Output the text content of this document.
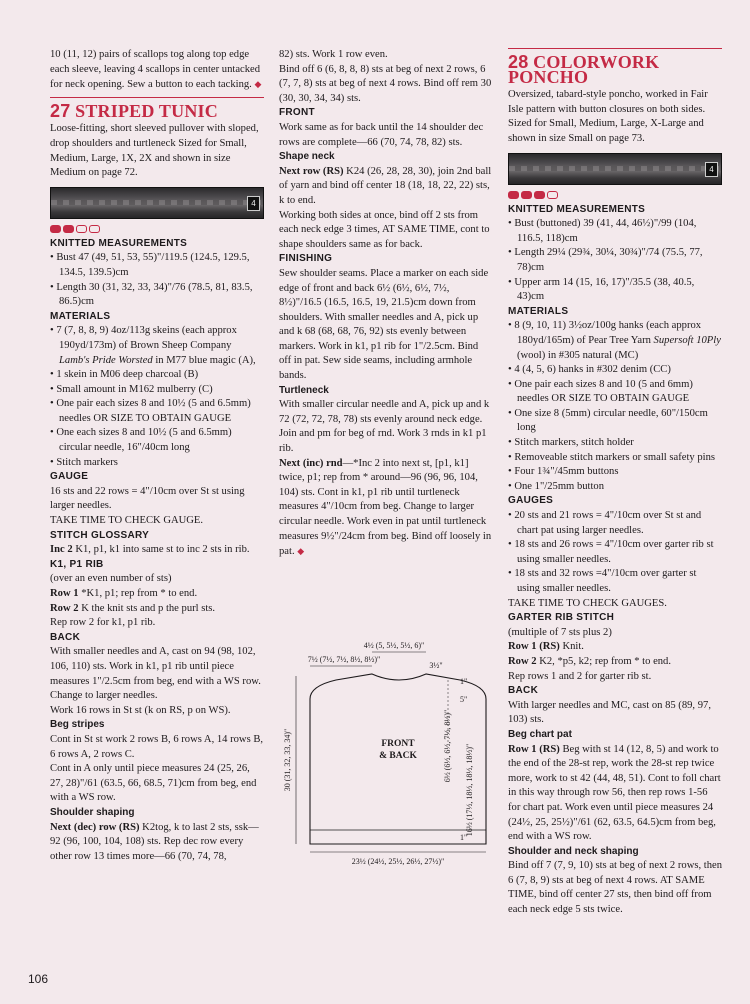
10 (11, 12) pairs of scallops tog along top edge each sleeve, leaving 4 scallops in center untacked for neck opening. Sew a button to each tacking. ◆

27 STRIPED TUNIC

Loose-fitting, short sleeved pullover with sloped, drop shoulders and turtleneck Sized for Small, Medium, Large, 1X, 2X and shown in size Medium on page 72.

4

KNITTED MEASUREMENTS

• Bust 47 (49, 51, 53, 55)"/119.5 (124.5, 129.5, 134.5, 139.5)cm

• Length 30 (31, 32, 33, 34)"/76 (78.5, 81, 83.5, 86.5)cm

MATERIALS

• 7 (7, 8, 8, 9) 4oz/113g skeins (each approx 190yd/173m) of Brown Sheep Company Lamb's Pride Worsted in M77 blue magic (A),

• 1 skein in M06 deep charcoal (B)

• Small amount in M162 mulberry (C)

• One pair each sizes 8 and 10½ (5 and 6.5mm) needles OR SIZE TO OBTAIN GAUGE

• One each sizes 8 and 10½ (5 and 6.5mm) circular needle, 16"/40cm long

• Stitch markers

GAUGE

16 sts and 22 rows = 4"/10cm over St st using larger needles.

TAKE TIME TO CHECK GAUGE.

STITCH GLOSSARY

Inc 2 K1, p1, k1 into same st to inc 2 sts in rib.

K1, P1 RIB

(over an even number of sts)

Row 1 *K1, p1; rep from * to end.

Row 2 K the knit sts and p the purl sts.

Rep row 2 for k1, p1 rib.

BACK

With smaller needles and A, cast on 94 (98, 102, 106, 110) sts. Work in k1, p1 rib until piece measures 1"/2.5cm from beg, end with a WS row. Change to larger needles.

Work 16 rows in St st (k on RS, p on WS).

Beg stripes

Cont in St st work 2 rows B, 6 rows A, 14 rows B, 6 rows A, 2 rows C.

Cont in A only until piece measures 24 (25, 26, 27, 28)"/61 (63.5, 66, 68.5, 71)cm from beg, end with a WS row.

Shoulder shaping

Next (dec) row (RS) K2tog, k to last 2 sts, ssk—92 (96, 100, 104, 108) sts. Rep dec row every other row 13 times more—66 (70, 74, 78,

82) sts. Work 1 row even.

Bind off 6 (6, 8, 8, 8) sts at beg of next 2 rows, 6 (7, 7, 8) sts at beg of next 4 rows. Bind off rem 30 (30, 30, 34, 34) sts.

FRONT

Work same as for back until the 14 shoulder dec rows are complete—66 (70, 74, 78, 82) sts.

Shape neck

Next row (RS) K24 (26, 28, 28, 30), join 2nd ball of yarn and bind off center 18 (18, 18, 22, 22) sts, k to end.

Working both sides at once, bind off 2 sts from each neck edge 3 times, AT SAME TIME, cont to shape shoulders same as for back.

FINISHING

Sew shoulder seams. Place a marker on each side edge of front and back 6½ (6½, 6½, 7½, 8½)"/16.5 (16.5, 16.5, 19, 21.5)cm down from shoulders. With smaller needles and A, pick up and k 68 (68, 68, 76, 92) sts evenly between markers. Work in k1, p1 rib for 1"/2.5cm. Bind off in pat. Sew side seams, including armhole bands.

Turtleneck

With smaller circular needle and A, pick up and k 72 (72, 72, 78, 78) sts evenly around neck edge. Join and pm for beg of rnd. Work 3 rnds in k1 p1 rib.

Next (inc) rnd—*Inc 2 into next st, [p1, k1] twice, p1; rep from * around—96 (96, 96, 104, 104) sts. Cont in k1, p1 rib until turtleneck measures 4"/10cm from beg. Change to larger circular needle. Work even in pat until turtleneck measures 9½"/24cm from beg. Bind off loosely in pat. ◆

4½ (5, 5½, 5½, 6)"
7½ (7½, 7½, 8½, 8½)"
3½"
FRONT
& BACK
30 (31, 32, 33, 34)"
1"
5"
6½ (6½, 6½, 7½, 8½)" 16½ (17½, 18½, 18½, 18½)"
1"
23½ (24½, 25½, 26½, 27½)"
28 COLORWORK PONCHO

Oversized, tabard-style poncho, worked in Fair Isle pattern with button closures on both sides. Sized for Small, Medium, Large, X-Large and shown in size Small on page 73.

4

KNITTED MEASUREMENTS

• Bust (buttoned) 39 (41, 44, 46½)"/99 (104, 116.5, 118)cm

• Length 29¼ (29¾, 30¼, 30¾)"/74 (75.5, 77, 78)cm

• Upper arm 14 (15, 16, 17)"/35.5 (38, 40.5, 43)cm

MATERIALS

• 8 (9, 10, 11) 3½oz/100g hanks (each approx 180yd/165m) of Pear Tree Yarn Supersoft 10Ply (wool) in #305 natural (MC)

• 4 (4, 5, 6) hanks in #302 denim (CC)

• One pair each sizes 8 and 10 (5 and 6mm) needles OR SIZE TO OBTAIN GAUGE

• One size 8 (5mm) circular needle, 60"/150cm long

• Stitch markers, stitch holder

• Removeable stitch markers or small safety pins

• Four 1¾"/45mm buttons

• One 1"/25mm button

GAUGES

• 20 sts and 21 rows = 4"/10cm over St st and chart pat using larger needles.

• 18 sts and 26 rows = 4"/10cm over garter rib st using smaller needles.

• 18 sts and 32 rows =4"/10cm over garter st using smaller needles.

TAKE TIME TO CHECK GAUGES.

GARTER RIB STITCH

(multiple of 7 sts plus 2)

Row 1 (RS) Knit.

Row 2 K2, *p5, k2; rep from * to end.

Rep rows 1 and 2 for garter rib st.

BACK

With larger needles and MC, cast on 85 (89, 97, 103) sts.

Beg chart pat

Row 1 (RS) Beg with st 14 (12, 8, 5) and work to the end of the 28-st rep, work the 28-st rep twice more, work to st 42 (44, 48, 51). Cont to foll chart in this way through row 56, then rep rows 1-56 for chart pat. Work even until piece measures 24 (24½, 25, 25½)"/61 (62, 63.5, 64.5)cm from beg, end with a WS row.

Shoulder and neck shaping

Bind off 7 (7, 9, 10) sts at beg of next 2 rows, then 6 (7, 8, 9) sts at beg of next 4 rows. AT SAME TIME, bind off center 27 sts, then bind off from each neck edge 5 sts twice.

106
